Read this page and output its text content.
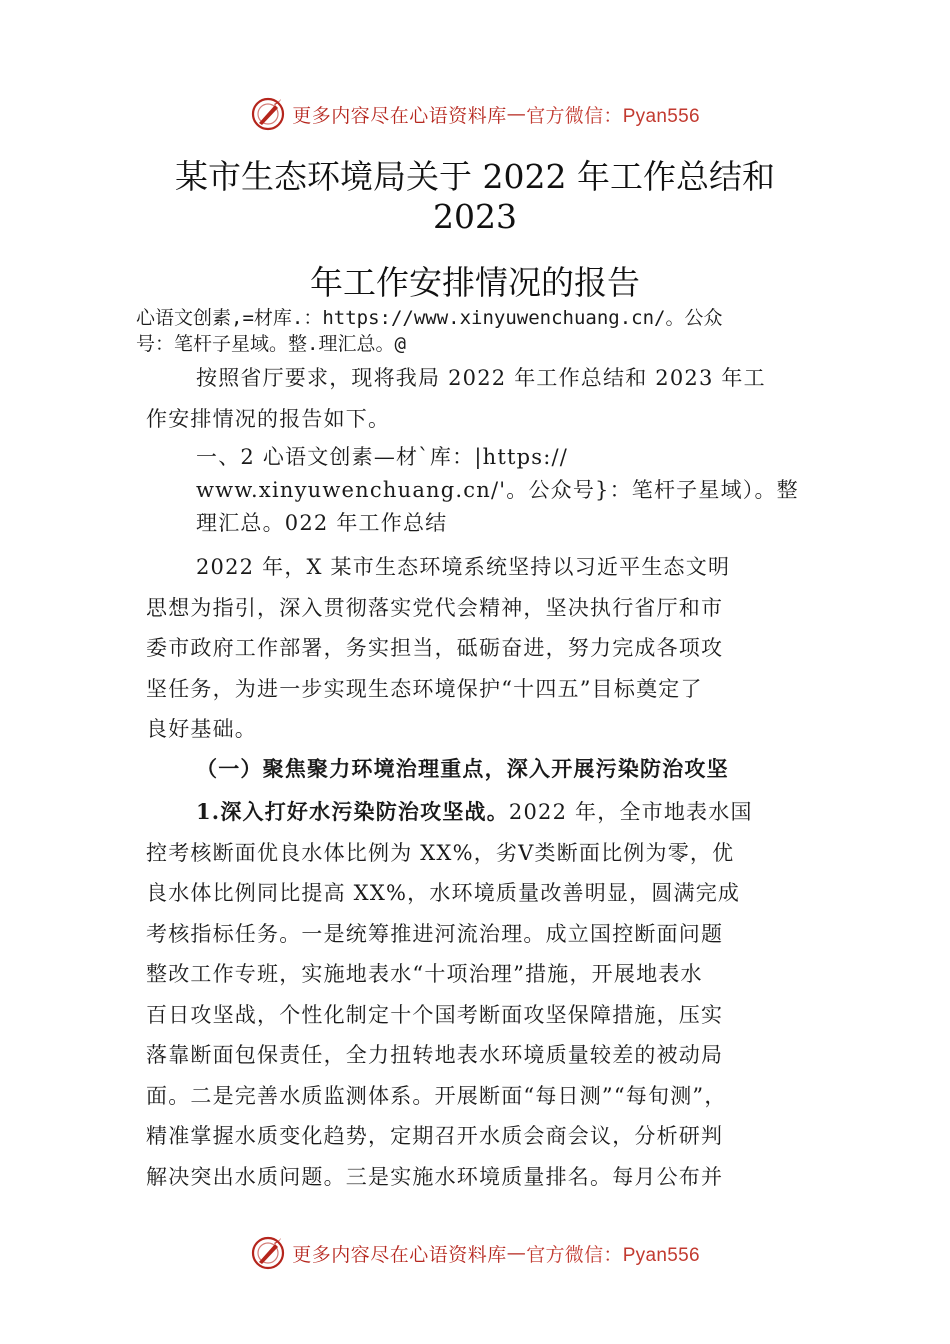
更多内容尽在心语资料库 — 官方微信：Pyan556
某市生态环境局关于 2022 年工作总结和
2023
年工作安排情况的报告
心语文创素,=材库.：https://www.xinyuwenchuang.cn/。公众
号：笔杆子星域。整.理汇总。@
按照省厅要求，现将我局 2022 年工作总结和 2023 年工
作安排情况的报告如下。
一、2 心语文创素—材`库：|https://
www.xinyuwenchuang.cn/'。公众号}：笔杆子星域）。整
理汇总。022 年工作总结
2022 年，X 某市生态环境系统坚持以习近平生态文明
思想为指引，深入贯彻落实党代会精神，坚决执行省厅和市
委市政府工作部署，务实担当，砥砺奋进，努力完成各项攻
坚任务，为进一步实现生态环境保护“十四五”目标奠定了
良好基础。
（一）聚焦聚力环境治理重点，深入开展污染防治攻坚
1.深入打好水污染防治攻坚战。2022 年，全市地表水国
控考核断面优良水体比例为 XX%，劣Ⅴ类断面比例为零，优
良水体比例同比提高 XX%，水环境质量改善明显，圆满完成
考核指标任务。一是统筹推进河流治理。成立国控断面问题
整改工作专班，实施地表水“十项治理”措施，开展地表水
百日攻坚战，个性化制定十个国考断面攻坚保障措施，压实
落靠断面包保责任，全力扭转地表水环境质量较差的被动局
面。二是完善水质监测体系。开展断面“每日测”“每旬测”，
精准掌握水质变化趋势，定期召开水质会商会议，分析研判
解决突出水质问题。三是实施水环境质量排名。每月公布并
更多内容尽在心语资料库 — 官方微信：Pyan556
